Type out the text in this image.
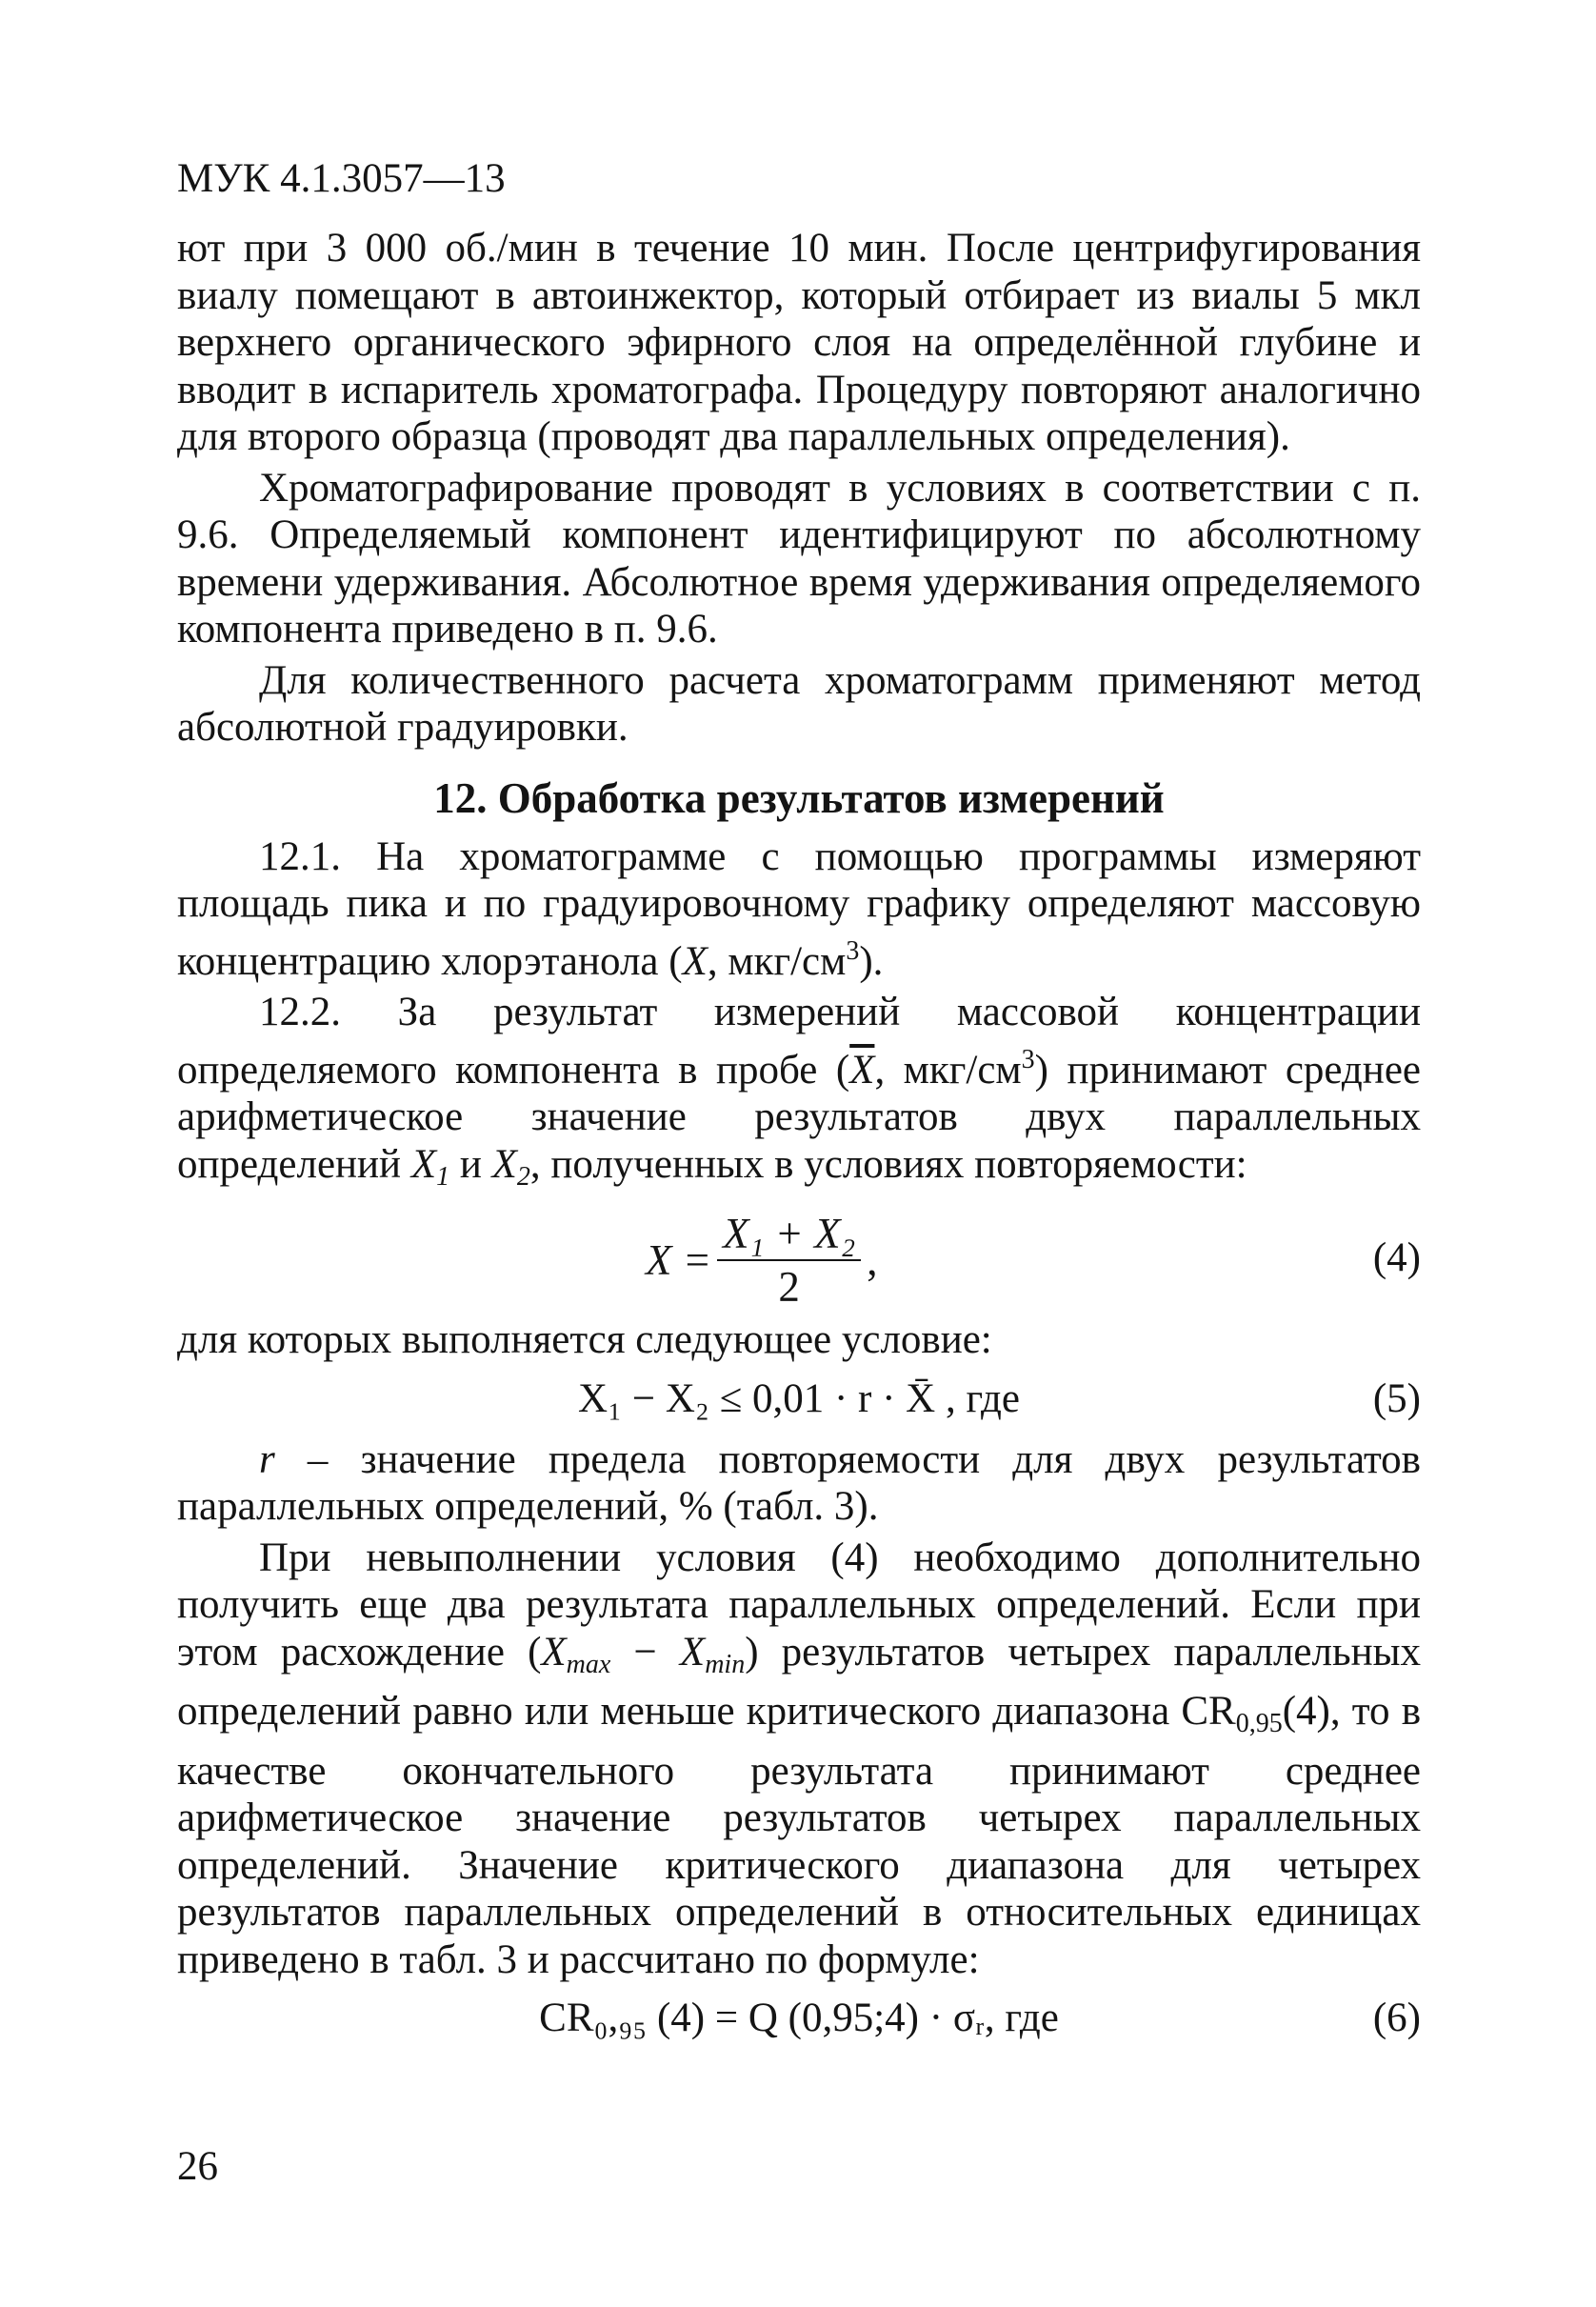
МУК 4.1.3057—13

ют при 3 000 об./мин в течение 10 мин. После центрифугирования виалу помещают в автоинжектор, который отбирает из виалы 5 мкл верхнего органического эфирного слоя на определённой глубине и вводит в испаритель хроматографа. Процедуру повторяют аналогично для второго образца (проводят два параллельных определения).

Хроматографирование проводят в условиях в соответствии с п. 9.6. Определяемый компонент идентифицируют по абсолютному времени удерживания. Абсолютное время удерживания определяемого компонента приведено в п. 9.6.

Для количественного расчета хроматограмм применяют метод абсолютной градуировки.

12. Обработка результатов измерений

12.1. На хроматограмме с помощью программы измеряют площадь пика и по градуировочному графику определяют массовую концентрацию хлорэтанола (X, мкг/$см^3$).

12.2. За результат измерений массовой концентрации определяемого компонента в пробе ($\overline{X}$, мкг/$см^3$) принимают среднее арифметическое значение результатов двух параллельных определений $X_1$ и $X_2$, полученных в условиях повторяемости:

$X = \frac{\text{X₁ + X₂}}{2}$ ,	(4)

для которых выполняется следующее условие:

X₁ − X₂ ≤ 0,01 · r · X̄ , где	(5)

r – значение предела повторяемости для двух результатов параллельных определений, % (табл. 3).

При невыполнении условия (4) необходимо дополнительно получить еще два результата параллельных определений. Если при этом расхождение $(X_{max} - X_{min})$ результатов четырех параллельных определений равно или меньше критического диапазона CR0,95(4), то в качестве окончательного результата принимают среднее арифметическое значение результатов четырех параллельных определений. Значение критического диапазона для четырех результатов параллельных определений в относительных единицах приведено в табл. 3 и рассчитано по формуле:

CR₀,₉₅ (4) = Q (0,95;4) · σᵣ, где	(6)
26
